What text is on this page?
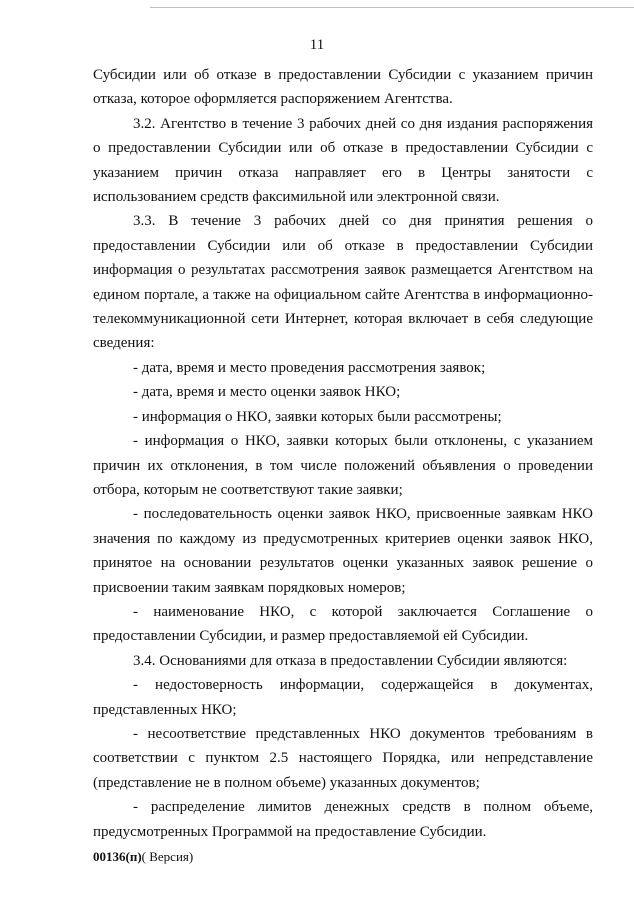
11

Субсидии или об отказе в предоставлении Субсидии с указанием причин отказа, которое оформляется распоряжением Агентства.

3.2. Агентство в течение 3 рабочих дней со дня издания распоряжения о предоставлении Субсидии или об отказе в предоставлении Субсидии с указанием причин отказа направляет его в Центры занятости с использованием средств факсимильной или электронной связи.

3.3. В течение 3 рабочих дней со дня принятия решения о предоставлении Субсидии или об отказе в предоставлении Субсидии информация о результатах рассмотрения заявок размещается Агентством на едином портале, а также на официальном сайте Агентства в информационно-телекоммуникационной сети Интернет, которая включает в себя следующие сведения:

- дата, время и место проведения рассмотрения заявок;

- дата, время и место оценки заявок НКО;

- информация о НКО, заявки которых были рассмотрены;

- информация о НКО, заявки которых были отклонены, с указанием причин их отклонения, в том числе положений объявления о проведении отбора, которым не соответствуют такие заявки;

- последовательность оценки заявок НКО, присвоенные заявкам НКО значения по каждому из предусмотренных критериев оценки заявок НКО, принятое на основании результатов оценки указанных заявок решение о присвоении таким заявкам порядковых номеров;

- наименование НКО, с которой заключается Соглашение о предоставлении Субсидии, и размер предоставляемой ей Субсидии.

3.4. Основаниями для отказа в предоставлении Субсидии являются:

- недостоверность информации, содержащейся в документах, представленных НКО;

- несоответствие представленных НКО документов требованиям в соответствии с пунктом 2.5 настоящего Порядка, или непредставление (представление не в полном объеме) указанных документов;

- распределение лимитов денежных средств в полном объеме, предусмотренных Программой на предоставление Субсидии.

00136(п)( Версия)
